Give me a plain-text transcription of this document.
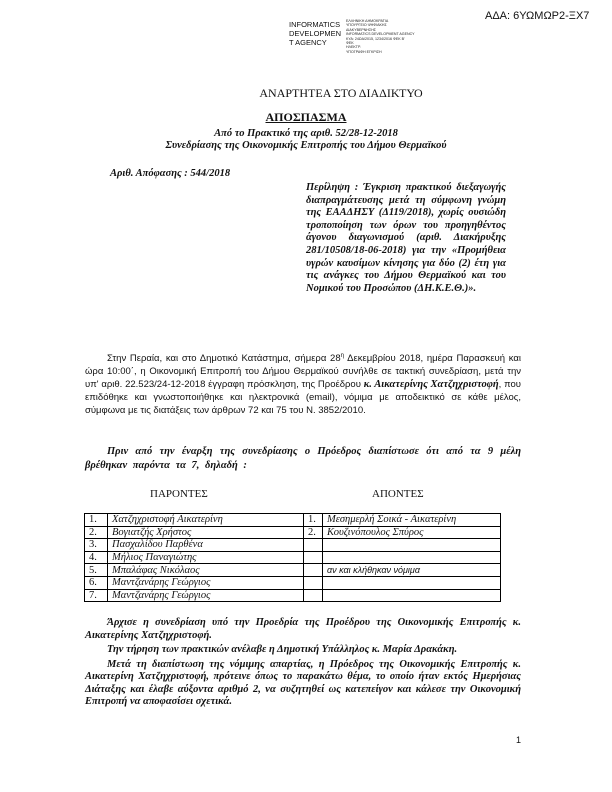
ΑΔΑ: 6ΥΩΜΩΡ2-ΞΧ7
INFORMATICS
DEVELOPMEN
T AGENCY
ΕΛΛΗΝΙΚΗ ΔΗΜΟΚΡΑΤΙΑ
ΥΠΟΥΡΓΕΙΟ ΨΗΦΙΑΚΗΣ
ΔΙΑΚΥΒΕΡΝΗΣΗΣ
INFORMATICS DEVELOPMENT AGENCY
ΚΥΑ: 24ΩΑ/2015, 1234/2016 ΦΕΚ Β'
ΦΕΚ
ΗΛΕΚΤΡ.
ΥΠΟΓΡΑΦΗ ΕΓΚΡΙΣΗ
ΑΝΑΡΤΗΤΕΑ ΣΤΟ ΔΙΑΔΙΚΤΥΟ
ΑΠΟΣΠΑΣΜΑ
Από το Πρακτικό της αριθ. 52/28-12-2018
Συνεδρίασης της Οικονομικής Επιτροπής του Δήμου Θερμαϊκού
Αριθ. Απόφασης : 544/2018
Περίληψη : Έγκριση πρακτικού διεξαγωγής διαπραγμάτευσης μετά τη σύμφωνη γνώμη της ΕΑΑΔΗΣΥ (Δ119/2018), χωρίς ουσιώδη τροποποίηση των όρων του προηγηθέντος άγονου διαγωνισμού (αριθ. Διακήρυξης 281/10508/18-06-2018) για την «Προμήθεια υγρών καυσίμων κίνησης για δύο (2) έτη για τις ανάγκες του Δήμου Θερμαϊκού και του Νομικού του Προσώπου (ΔΗ.Κ.Ε.Θ.)».
Στην Περαία, και στο Δημοτικό Κατάστημα, σήμερα $28^\eta$ Δεκεμβρίου 2018, ημέρα Παρασκευή και ώρα 10:00΄, η Οικονομική Επιτροπή του Δήμου Θερμαϊκού συνήλθε σε τακτική συνεδρίαση, μετά την υπ' αριθ. 22.523/24-12-2018 έγγραφη πρόσκληση, της Προέδρου κ. Αικατερίνης Χατζηχριστοφή, που επιδόθηκε και γνωστοποιήθηκε και ηλεκτρονικά (email), νόμιμα με αποδεικτικό σε κάθε μέλος, σύμφωνα με τις διατάξεις των άρθρων 72 και 75 του Ν. 3852/2010.
Πριν από την έναρξη της συνεδρίασης ο Πρόεδρος διαπίστωσε ότι από τα 9 μέλη βρέθηκαν παρόντα τα 7, δηλαδή :
ΠΑΡΟΝΤΕΣ	ΑΠΟΝΤΕΣ
1.	Χατζηχριστοφή Αικατερίνη	1.	Μεσημερλή Σοικά - Αικατερίνη
2.	Βογιατζής Χρήστος	2.	Κουζινόπουλος Σπύρος
3.	Πασχαλίδου Παρθένα		
4.	Μήλιος Παναγιώτης		
5.	Μπαλάφας Νικόλαος		αν και κλήθηκαν νόμιμα
6.	Μαντζανάρης Γεώργιος		
7.	Μαντζανάρης Γεώργιος		

Άρχισε η συνεδρίαση υπό την Προεδρία της Προέδρου της Οικονομικής Επιτροπής κ. Αικατερίνης Χατζηχριστοφή.

Την τήρηση των πρακτικών ανέλαβε η Δημοτική Υπάλληλος κ. Μαρία Δρακάκη.

Μετά τη διαπίστωση της νόμιμης απαρτίας, η Πρόεδρος της Οικονομικής Επιτροπής κ. Αικατερίνη Χατζηχριστοφή, πρότεινε όπως το παρακάτω θέμα, το οποίο ήταν εκτός Ημερήσιας Διάταξης και έλαβε αύξοντα αριθμό 2, να συζητηθεί ως κατεπείγον και κάλεσε την Οικονομική Επιτροπή να αποφασίσει σχετικά.

1
